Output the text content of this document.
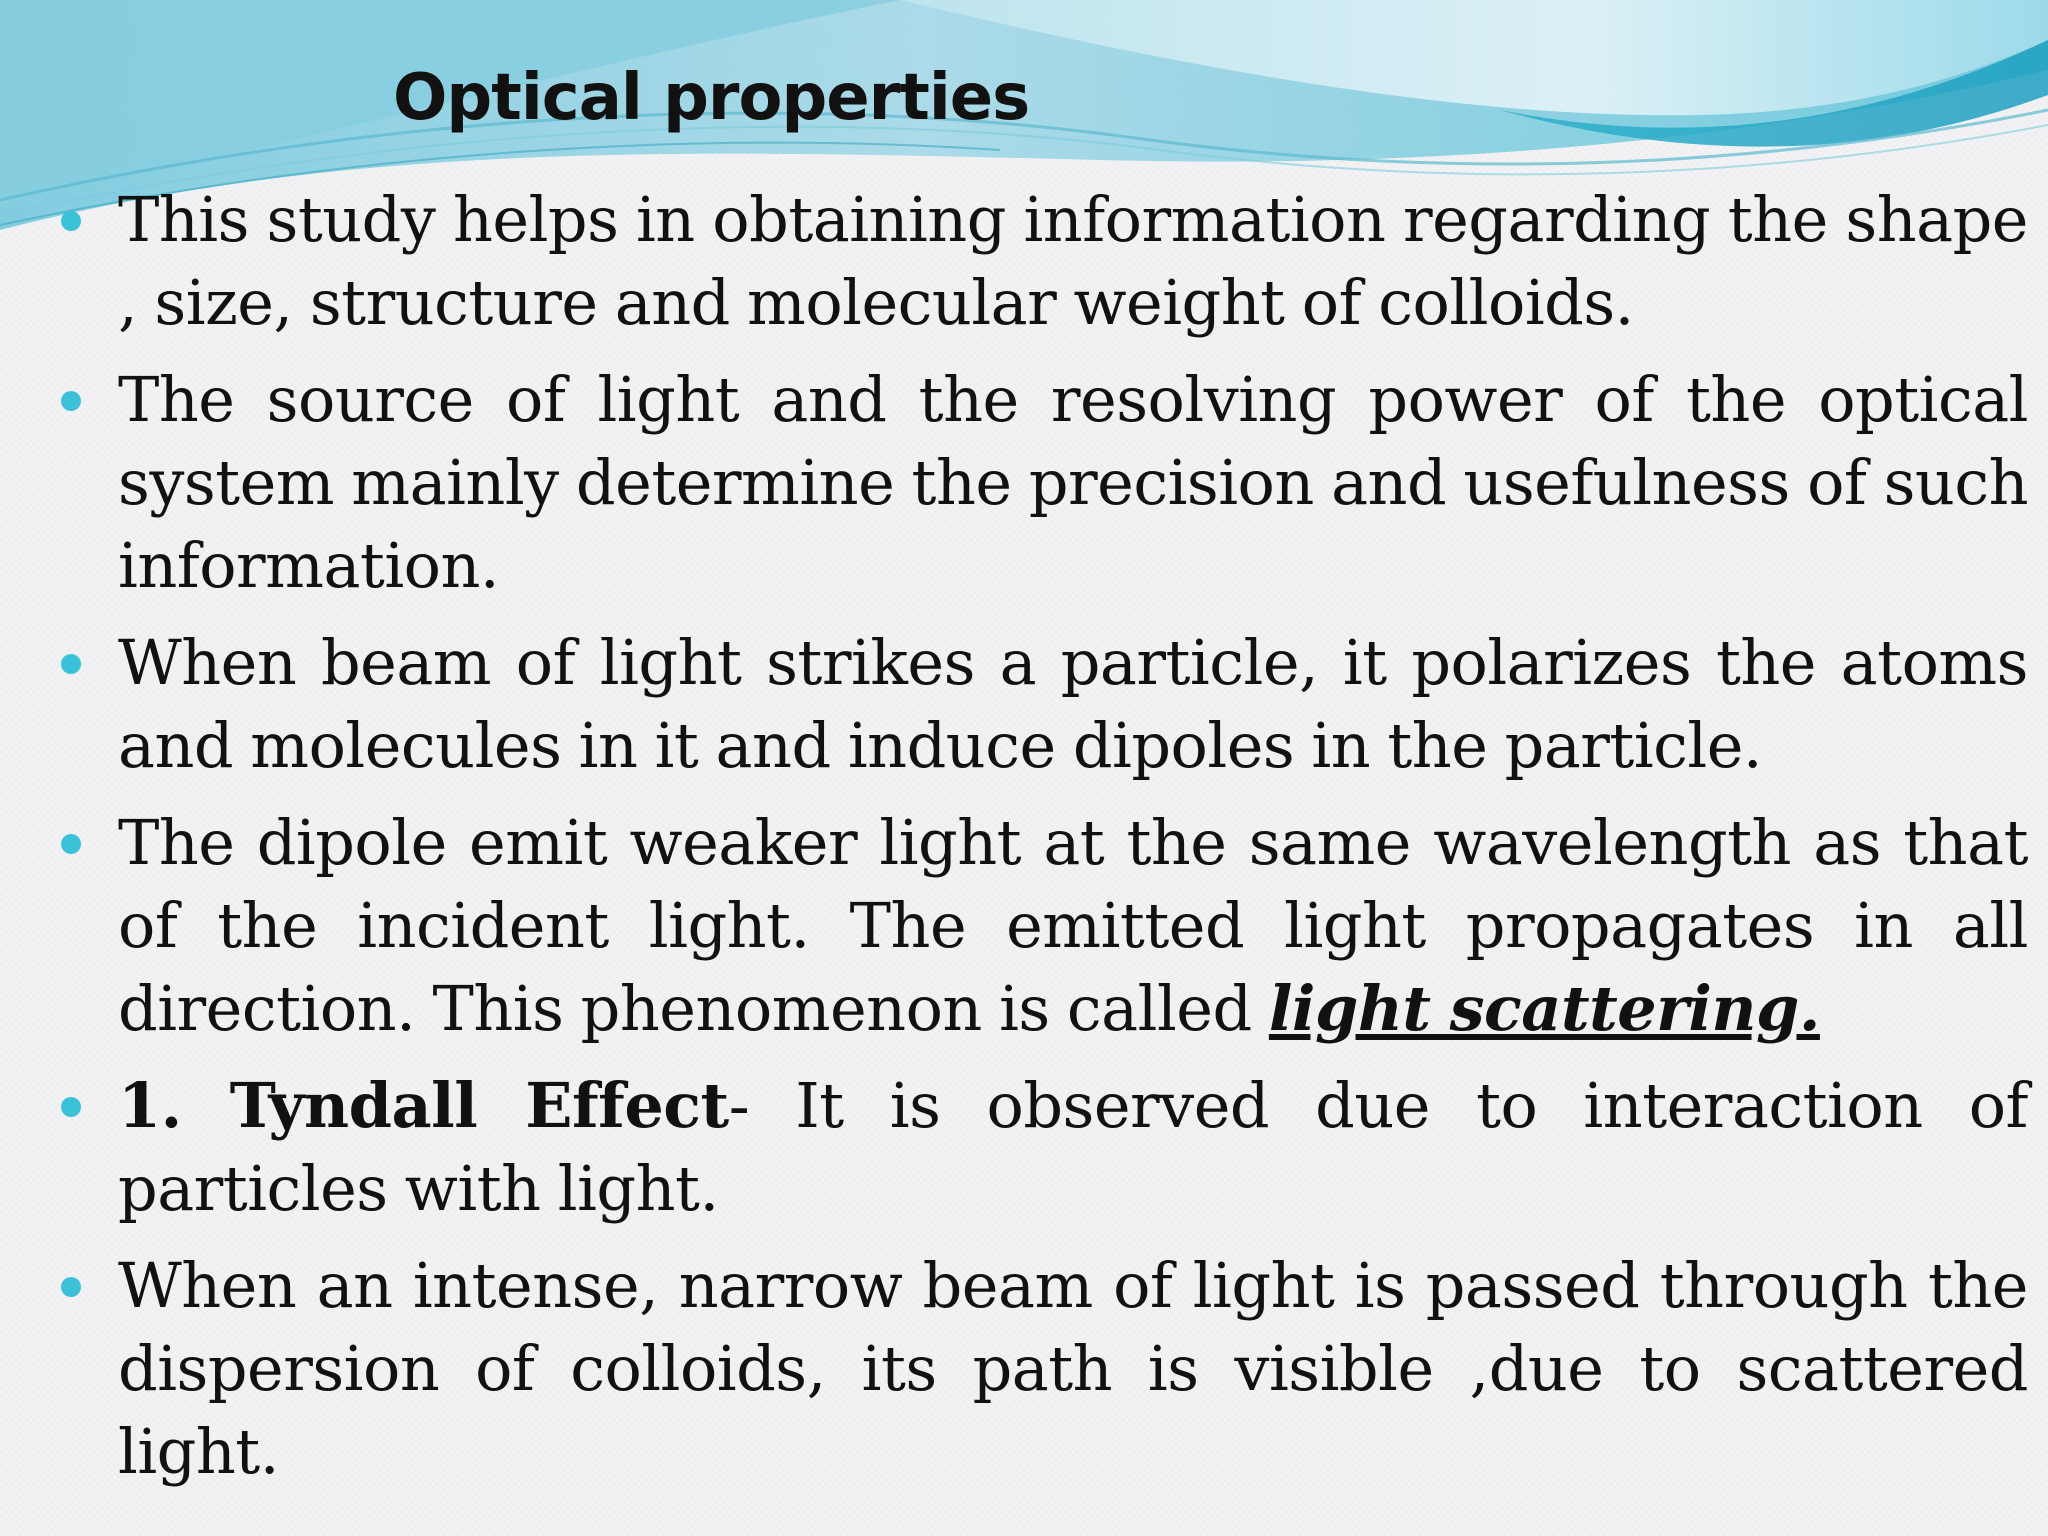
Optical properties
This study helps in obtaining information regarding the shape , size, structure and molecular weight of colloids.
The source of light and the resolving power of the optical system mainly determine the precision and usefulness of such information.
When beam of light strikes a particle, it polarizes the atoms and molecules in it and induce dipoles in the particle.
The dipole emit weaker light at the same wavelength as that of the incident light. The emitted light propagates in all direction. This phenomenon is called light scattering.
1. Tyndall Effect- It is observed due to interaction of particles with light.
When an intense, narrow beam of light is passed through the dispersion of colloids, its path is visible ,due to scattered light.
